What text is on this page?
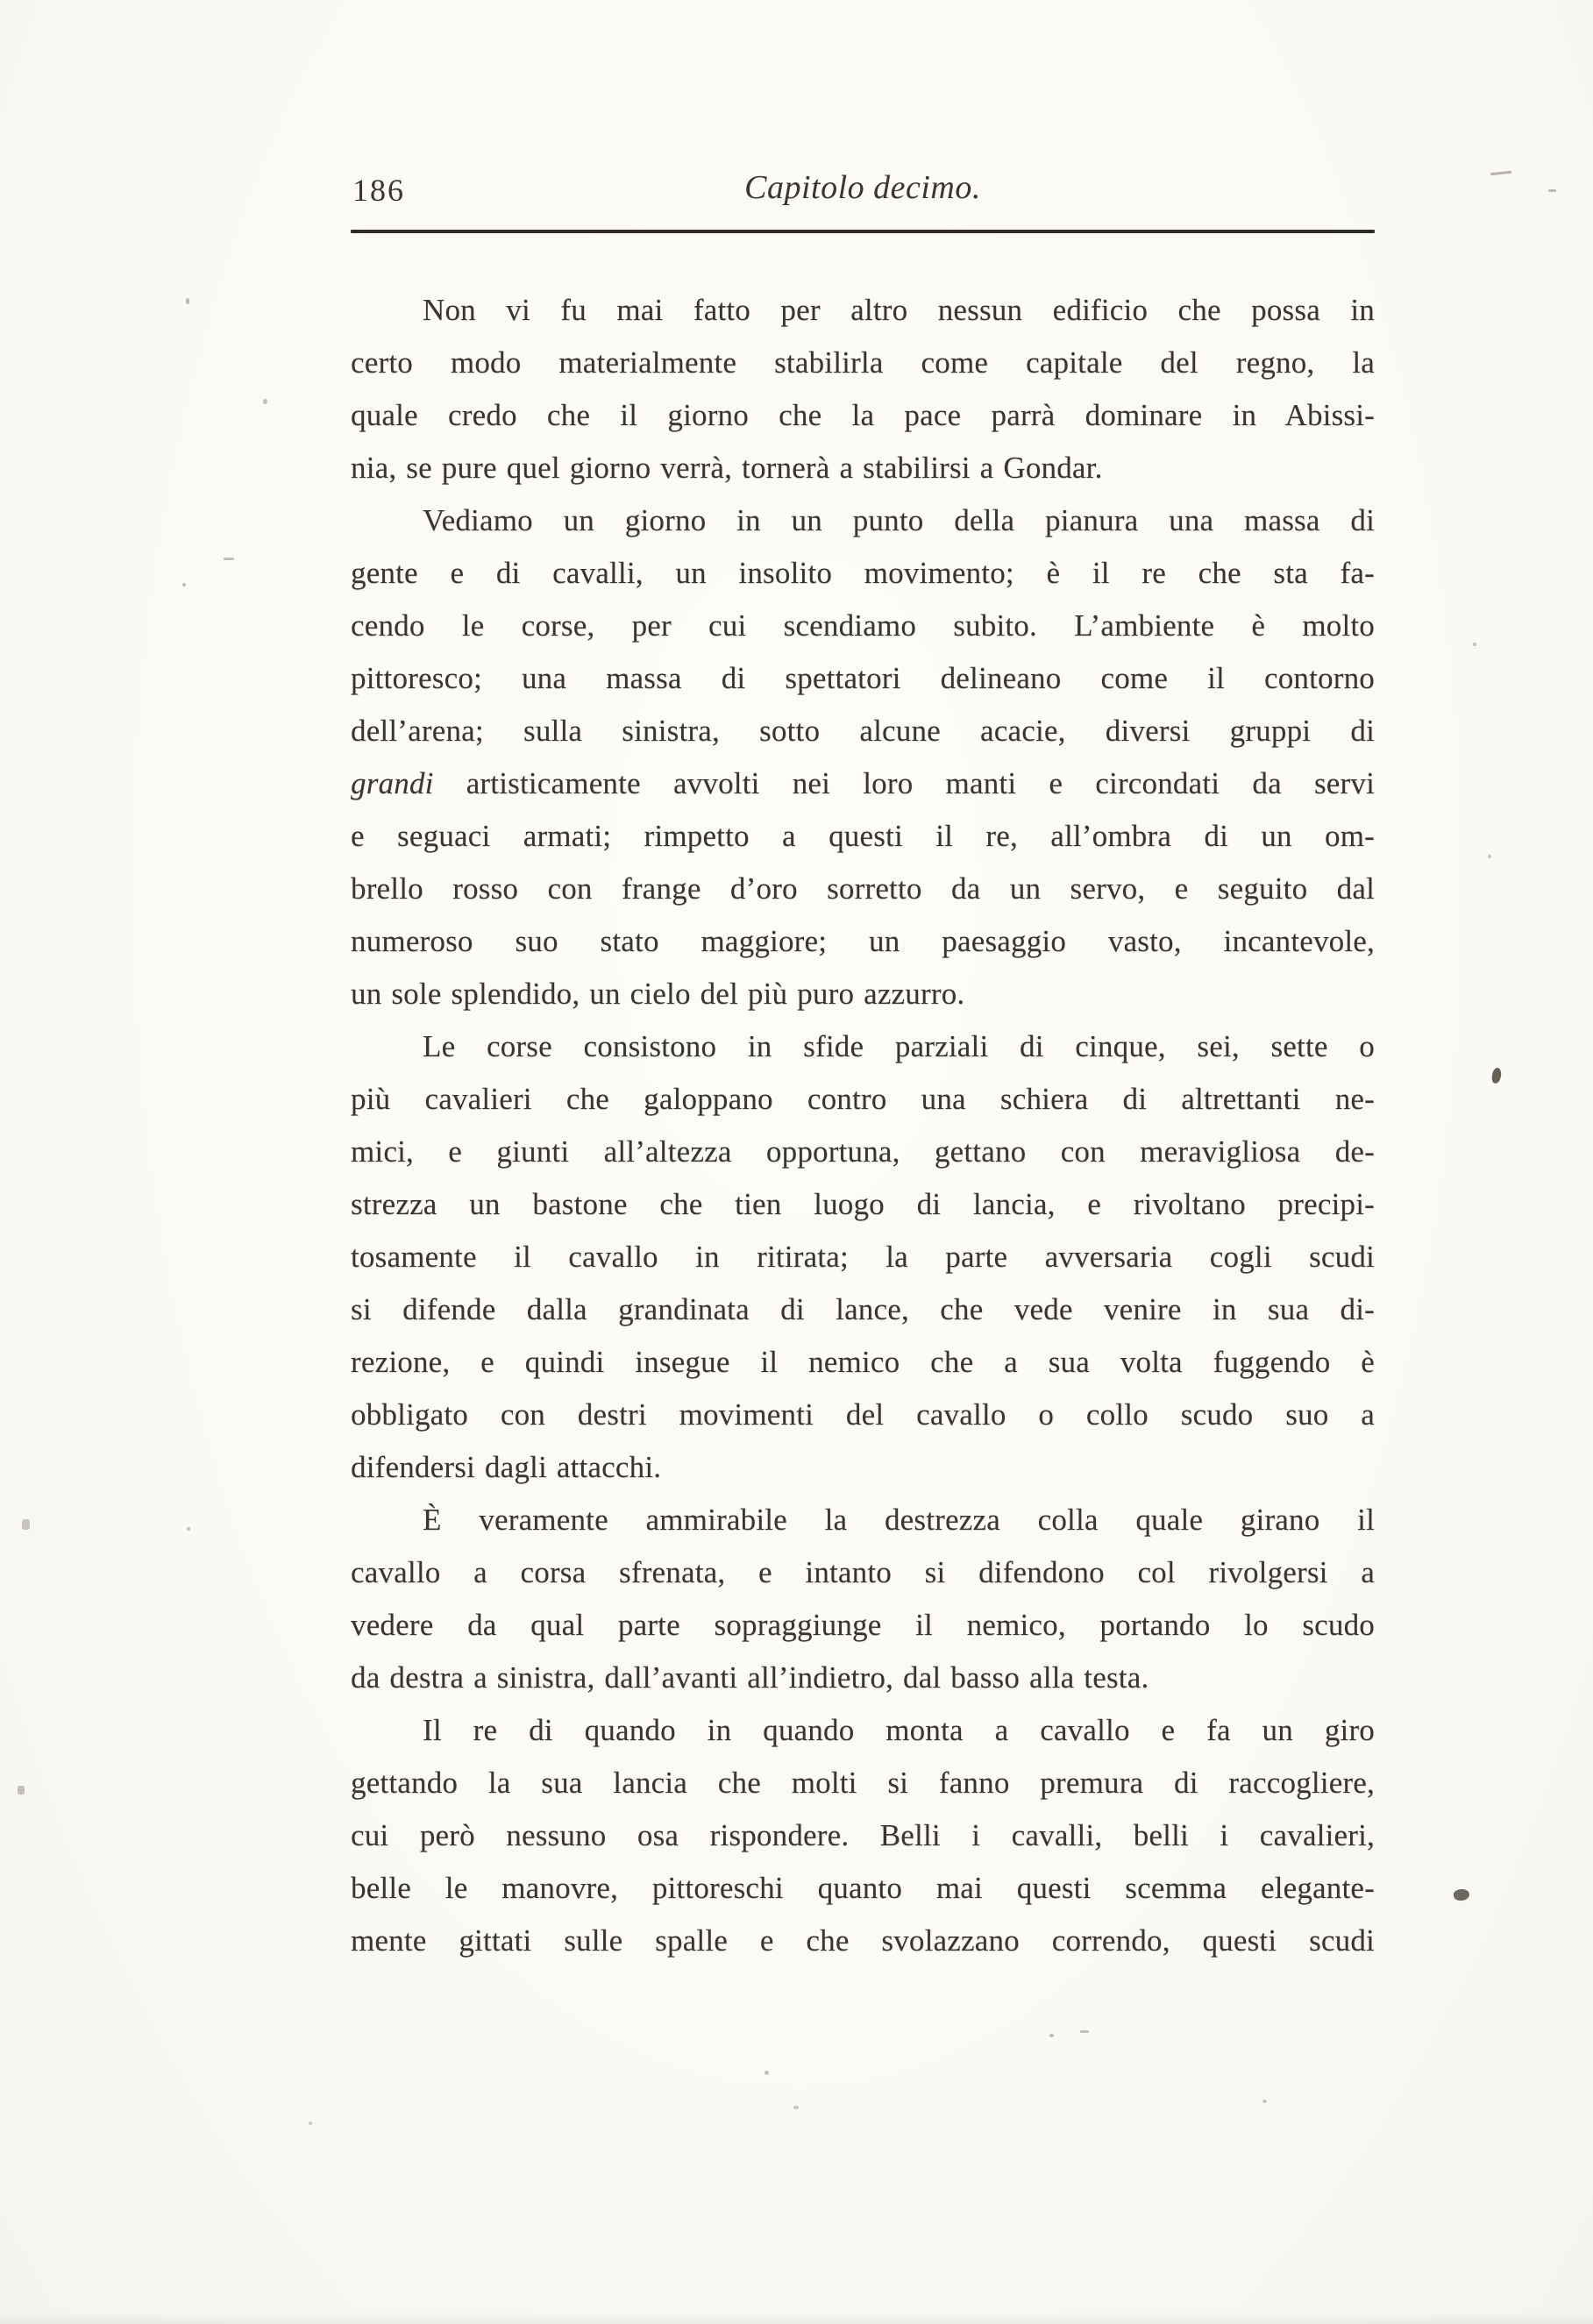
186	Capitolo decimo.
Non vi fu mai fatto per altro nessun edificio che possa in
certo modo materialmente stabilirla come capitale del regno, la
quale credo che il giorno che la pace parrà dominare in Abissi-
nia, se pure quel giorno verrà, tornerà a stabilirsi a Gondar.
Vediamo un giorno in un punto della pianura una massa di
gente e di cavalli, un insolito movimento; è il re che sta fa-
cendo le corse, per cui scendiamo subito. L’ambiente è molto
pittoresco; una massa di spettatori delineano come il contorno
dell’arena; sulla sinistra, sotto alcune acacie, diversi gruppi di
grandi artisticamente avvolti nei loro manti e circondati da servi
e seguaci armati; rimpetto a questi il re, all’ombra di un om-
brello rosso con frange d’oro sorretto da un servo, e seguito dal
numeroso suo stato maggiore; un paesaggio vasto, incantevole,
un sole splendido, un cielo del più puro azzurro.
Le corse consistono in sfide parziali di cinque, sei, sette o
più cavalieri che galoppano contro una schiera di altrettanti ne-
mici, e giunti all’altezza opportuna, gettano con meravigliosa de-
strezza un bastone che tien luogo di lancia, e rivoltano precipi-
tosamente il cavallo in ritirata; la parte avversaria cogli scudi
si difende dalla grandinata di lance, che vede venire in sua di-
rezione, e quindi insegue il nemico che a sua volta fuggendo è
obbligato con destri movimenti del cavallo o collo scudo suo a
difendersi dagli attacchi.
È veramente ammirabile la destrezza colla quale girano il
cavallo a corsa sfrenata, e intanto si difendono col rivolgersi a
vedere da qual parte sopraggiunge il nemico, portando lo scudo
da destra a sinistra, dall’avanti all’indietro, dal basso alla testa.
Il re di quando in quando monta a cavallo e fa un giro
gettando la sua lancia che molti si fanno premura di raccogliere,
cui però nessuno osa rispondere. Belli i cavalli, belli i cavalieri,
belle le manovre, pittoreschi quanto mai questi scemma elegante-
mente gittati sulle spalle e che svolazzano correndo, questi scudi
